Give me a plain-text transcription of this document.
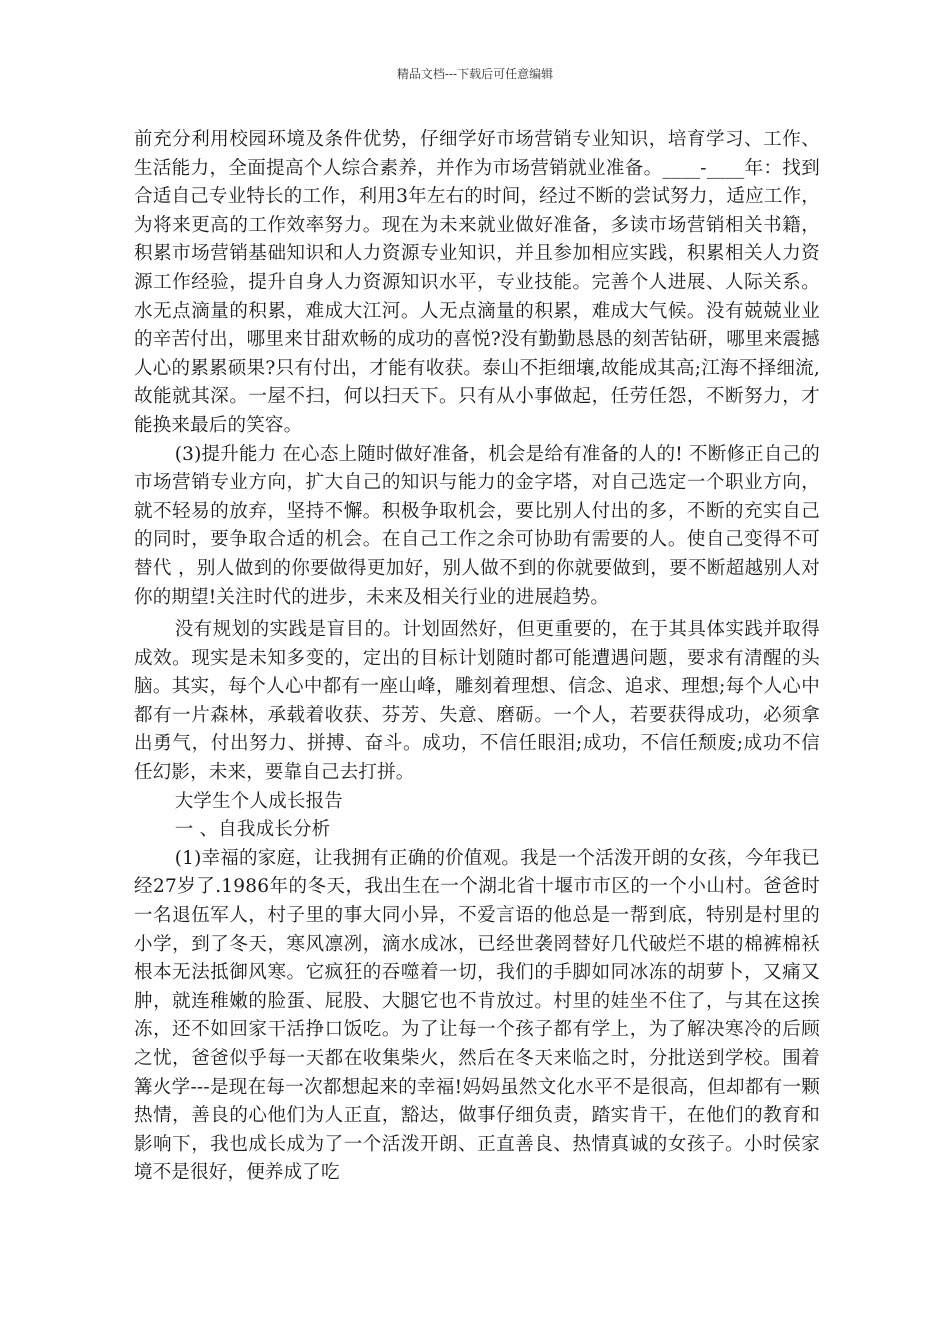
精品文档---下载后可任意编辑

前充分利用校园环境及条件优势，仔细学好市场营销专业知识，培育学习、工作、生活能力，全面提高个人综合素养，并作为市场营销就业准备。____-____年：找到合适自己专业特长的工作，利用3年左右的时间，经过不断的尝试努力，适应工作，为将来更高的工作效率努力。现在为未来就业做好准备，多读市场营销相关书籍，积累市场营销基础知识和人力资源专业知识，并且参加相应实践，积累相关人力资源工作经验，提升自身人力资源知识水平，专业技能。完善个人进展、人际关系。水无点滴量的积累，难成大江河。人无点滴量的积累，难成大气候。没有兢兢业业的辛苦付出，哪里来甘甜欢畅的成功的喜悦?没有勤勤恳恳的刻苦钻研，哪里来震撼人心的累累硕果?只有付出，才能有收获。泰山不拒细壤,故能成其高;江海不择细流,故能就其深。一屋不扫，何以扫天下。只有从小事做起，任劳任怨，不断努力，才能换来最后的笑容。

(3)提升能力 在心态上随时做好准备，机会是给有准备的人的! 不断修正自己的市场营销专业方向，扩大自己的知识与能力的金字塔，对自己选定一个职业方向，就不轻易的放弃，坚持不懈。积极争取机会，要比别人付出的多，不断的充实自己的同时，要争取合适的机会。在自己工作之余可协助有需要的人。使自己变得不可替代 ，别人做到的你要做得更加好，别人做不到的你就要做到，要不断超越别人对你的期望!关注时代的进步，未来及相关行业的进展趋势。

没有规划的实践是盲目的。计划固然好，但更重要的，在于其具体实践并取得成效。现实是未知多变的，定出的目标计划随时都可能遭遇问题，要求有清醒的头脑。其实，每个人心中都有一座山峰，雕刻着理想、信念、追求、理想;每个人心中都有一片森林，承载着收获、芬芳、失意、磨砺。一个人，若要获得成功，必须拿出勇气，付出努力、拼搏、奋斗。成功，不信任眼泪;成功，不信任颓废;成功不信任幻影，未来，要靠自己去打拼。

大学生个人成长报告

一 、自我成长分析

(1)幸福的家庭，让我拥有正确的价值观。我是一个活泼开朗的女孩，今年我已经27岁了.1986年的冬天，我出生在一个湖北省十堰市市区的一个小山村。爸爸时一名退伍军人，村子里的事大同小异，不爱言语的他总是一帮到底，特别是村里的小学，到了冬天，寒风凛冽，滴水成冰，已经世袭罔替好几代破烂不堪的棉裤棉袄根本无法抵御风寒。它疯狂的吞噬着一切，我们的手脚如同冰冻的胡萝卜，又痛又肿，就连稚嫩的脸蛋、屁股、大腿它也不肯放过。村里的娃坐不住了，与其在这挨冻，还不如回家干活挣口饭吃。为了让每一个孩子都有学上，为了解决寒冷的后顾之忧，爸爸似乎每一天都在收集柴火，然后在冬天来临之时，分批送到学校。围着篝火学---是现在每一次都想起来的幸福!妈妈虽然文化水平不是很高，但却都有一颗热情，善良的心他们为人正直，豁达，做事仔细负责，踏实肯干，在他们的教育和影响下，我也成长成为了一个活泼开朗、正直善良、热情真诚的女孩子。小时侯家境不是很好，便养成了吃
